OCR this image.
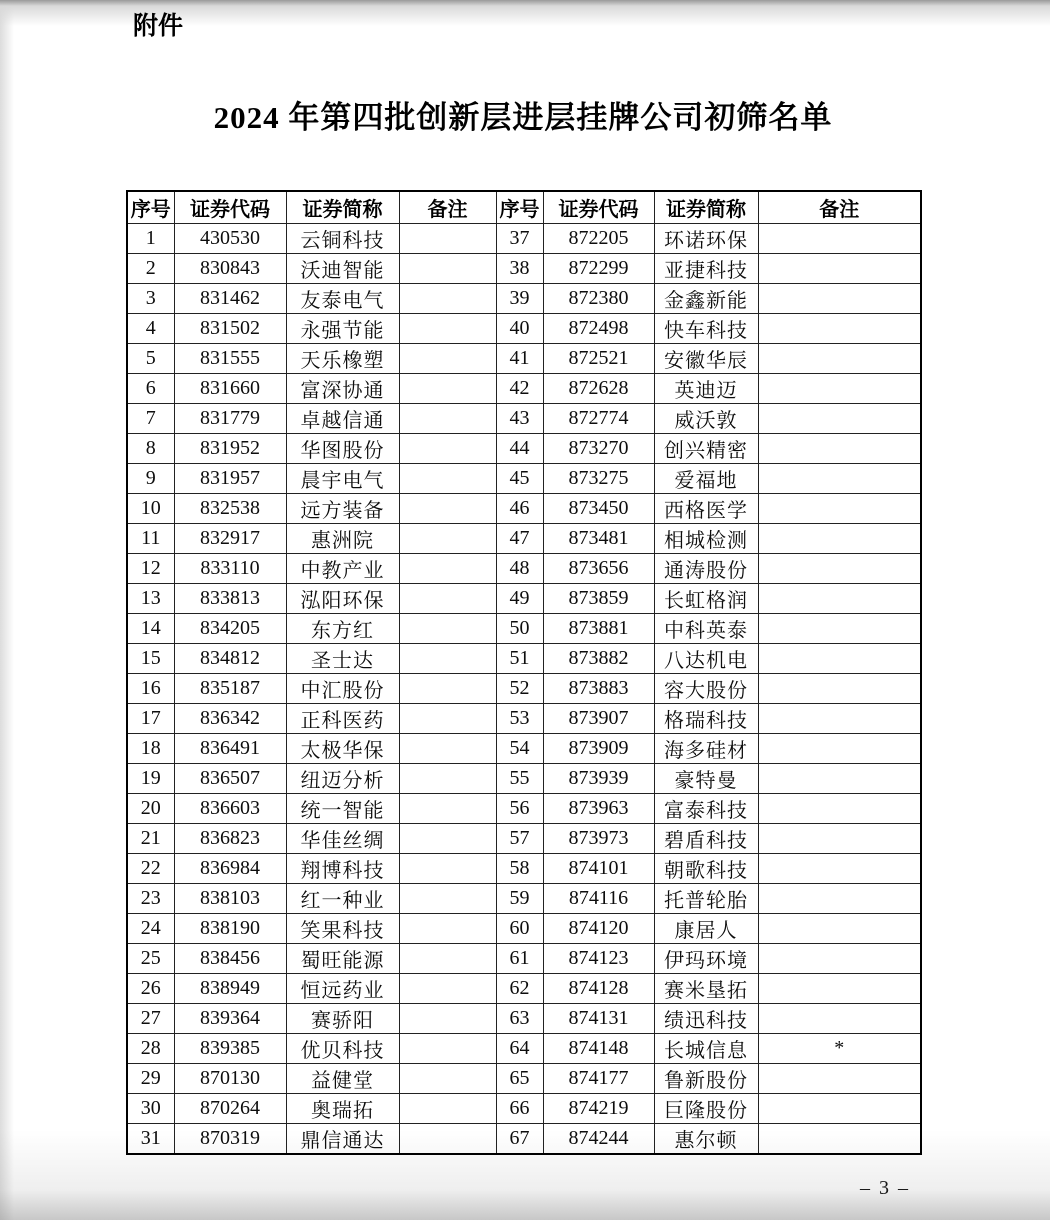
附件
2024 年第四批创新层进层挂牌公司初筛名单
序号	证券代码	证券简称	备注	序号	证券代码	证券简称	备注
1	430530	云铜科技		37	872205	环诺环保	
2	830843	沃迪智能		38	872299	亚捷科技	
3	831462	友泰电气		39	872380	金鑫新能	
4	831502	永强节能		40	872498	快车科技	
5	831555	天乐橡塑		41	872521	安徽华辰	
6	831660	富深协通		42	872628	英迪迈	
7	831779	卓越信通		43	872774	威沃敦	
8	831952	华图股份		44	873270	创兴精密	
9	831957	晨宇电气		45	873275	爱福地	
10	832538	远方装备		46	873450	西格医学	
11	832917	惠洲院		47	873481	相城检测	
12	833110	中教产业		48	873656	通涛股份	
13	833813	泓阳环保		49	873859	长虹格润	
14	834205	东方红		50	873881	中科英泰	
15	834812	圣士达		51	873882	八达机电	
16	835187	中汇股份		52	873883	容大股份	
17	836342	正科医药		53	873907	格瑞科技	
18	836491	太极华保		54	873909	海多硅材	
19	836507	纽迈分析		55	873939	豪特曼	
20	836603	统一智能		56	873963	富泰科技	
21	836823	华佳丝绸		57	873973	碧盾科技	
22	836984	翔博科技		58	874101	朝歌科技	
23	838103	红一种业		59	874116	托普轮胎	
24	838190	笑果科技		60	874120	康居人	
25	838456	蜀旺能源		61	874123	伊玛环境	
26	838949	恒远药业		62	874128	赛米垦拓	
27	839364	赛骄阳		63	874131	绩迅科技	
28	839385	优贝科技		64	874148	长城信息	*
29	870130	益健堂		65	874177	鲁新股份	
30	870264	奥瑞拓		66	874219	巨隆股份	
31	870319	鼎信通达		67	874244	惠尔顿	
– 3 –
